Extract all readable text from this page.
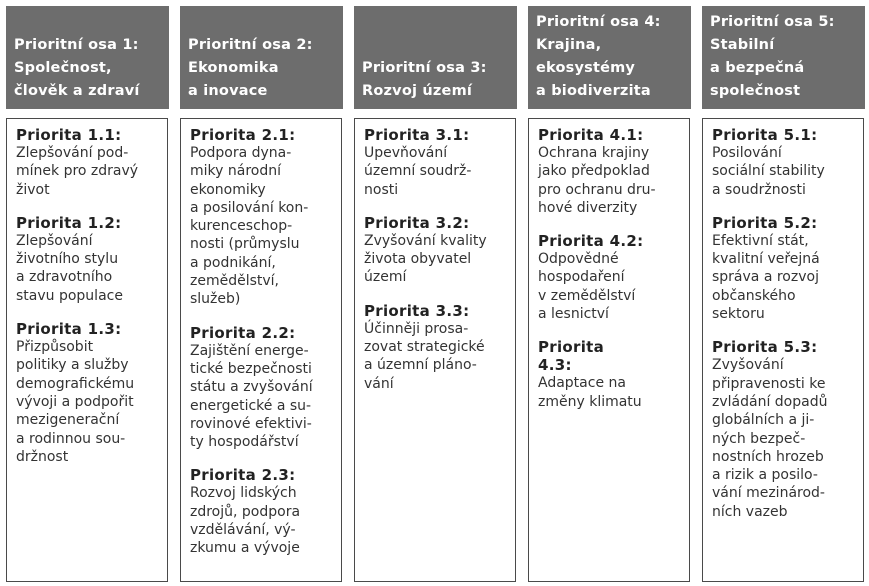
Prioritní osa 1:
Společnost,
člověk a zdraví
Priorita 1.1:
Zlepšování pod-
mínek pro zdravý
život
Priorita 1.2:
Zlepšování
životního stylu
a zdravotního
stavu populace
Priorita 1.3:
Přizpůsobit
politiky a služby
demografickému
vývoji a podpořit
mezigenerační
a rodinnou sou-
držnost
Prioritní osa 2:
Ekonomika
a inovace
Priorita 2.1:
Podpora dyna-
miky národní
ekonomiky
a posilování kon-
kurenceschop-
nosti (průmyslu
a podnikání,
zemědělství,
služeb)
Priorita 2.2:
Zajištění energe-
tické bezpečnosti
státu a zvyšování
energetické a su-
rovinové efektivi-
ty hospodářství
Priorita 2.3:
Rozvoj lidských
zdrojů, podpora
vzdělávání, vý-
zkumu a vývoje
Prioritní osa 3:
Rozvoj území
Priorita 3.1:
Upevňování
územní soudrž-
nosti
Priorita 3.2:
Zvyšování kvality
života obyvatel
území
Priorita 3.3:
Účinněji prosa-
zovat strategické
a územní pláno-
vání
Prioritní osa 4:
Krajina,
ekosystémy
a biodiverzita
Priorita 4.1:
Ochrana krajiny
jako předpoklad
pro ochranu dru-
hové diverzity
Priorita 4.2:
Odpovědné
hospodaření
v zemědělství
a lesnictví
Priorita
4.3:
Adaptace na
změny klimatu
Prioritní osa 5:
Stabilní
a bezpečná
společnost
Priorita 5.1:
Posilování
sociální stability
a soudržnosti
Priorita 5.2:
Efektivní stát,
kvalitní veřejná
správa a rozvoj
občanského
sektoru
Priorita 5.3:
Zvyšování
připravenosti ke
zvládání dopadů
globálních a ji-
ných bezpeč-
nostních hrozeb
a rizik a posilo-
vání mezinárod-
ních vazeb
